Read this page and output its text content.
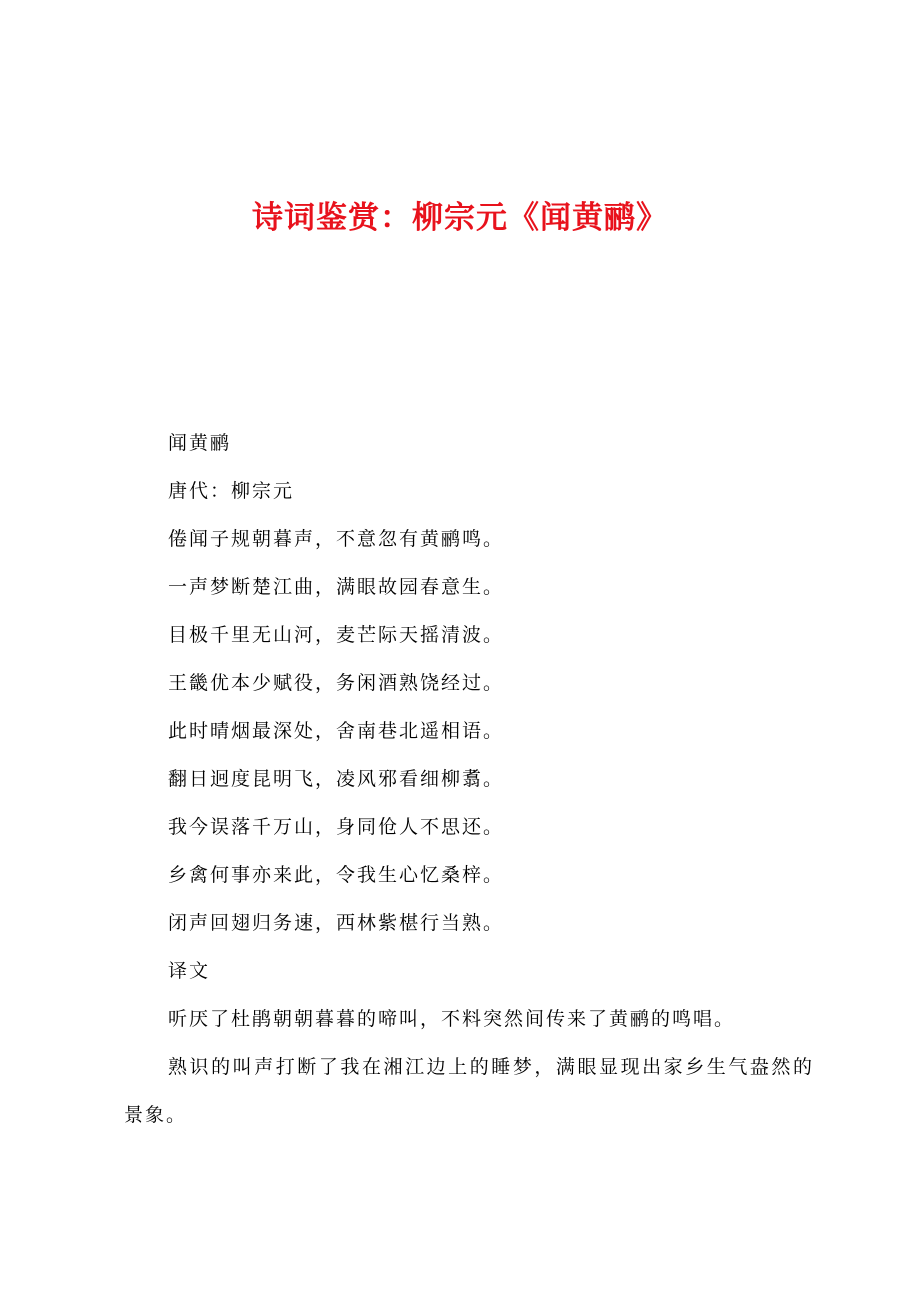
诗词鉴赏：柳宗元《闻黄鹂》

闻黄鹂

唐代：柳宗元

倦闻子规朝暮声，不意忽有黄鹂鸣。

一声梦断楚江曲，满眼故园春意生。

目极千里无山河，麦芒际天摇清波。

王畿优本少赋役，务闲酒熟饶经过。

此时晴烟最深处，舍南巷北遥相语。

翻日迥度昆明飞，凌风邪看细柳翥。

我今误落千万山，身同伧人不思还。

乡禽何事亦来此，令我生心忆桑梓。

闭声回翅归务速，西林紫椹行当熟。

译文

听厌了杜鹃朝朝暮暮的啼叫，不料突然间传来了黄鹂的鸣唱。

熟识的叫声打断了我在湘江边上的睡梦，满眼显现出家乡生气盎然的景象。
